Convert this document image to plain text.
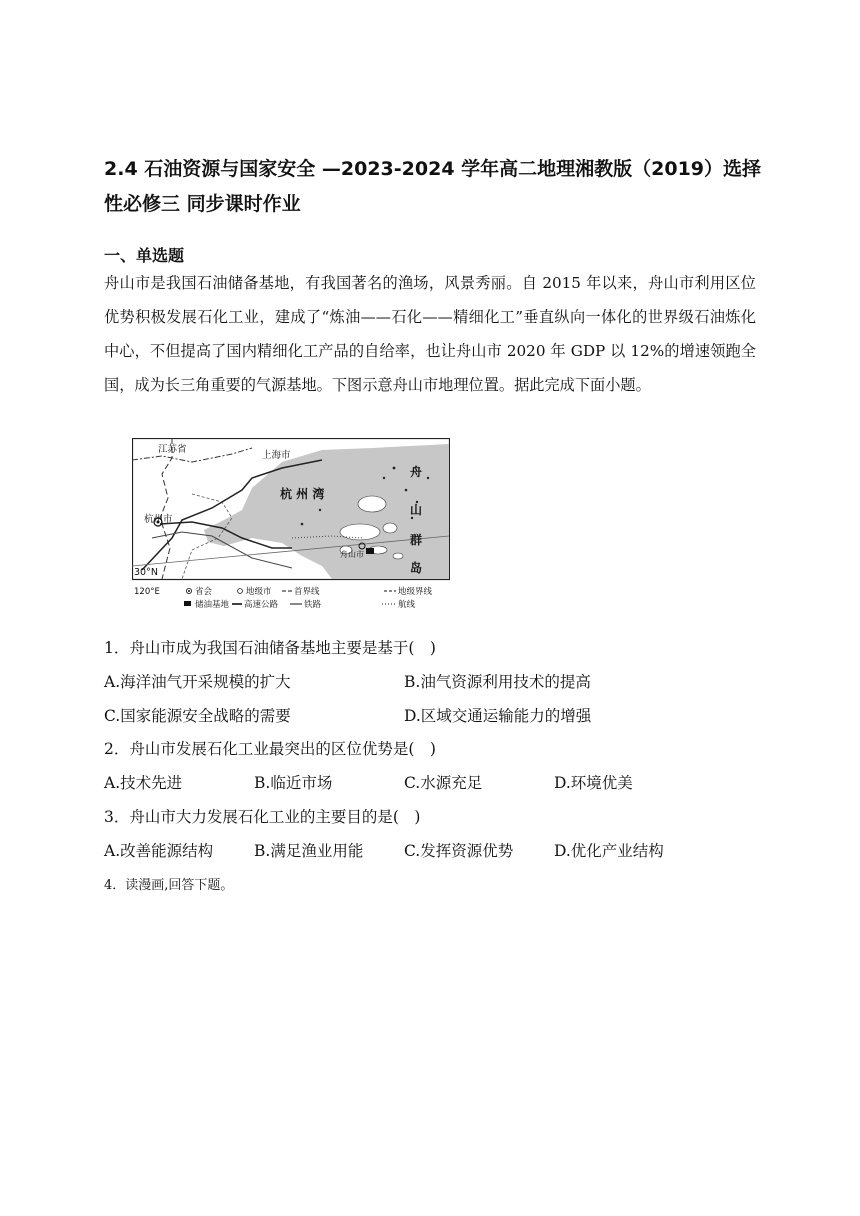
2.4 石油资源与国家安全 —2023-2024 学年高二地理湘教版（2019）选择性必修三 同步课时作业
一、单选题

舟山市是我国石油储备基地，有我国著名的渔场，风景秀丽。自 2015 年以来，舟山市利用区位优势积极发展石化工业，建成了“炼油——石化——精细化工”垂直纵向一体化的世界级石油炼化中心，不但提高了国内精细化工产品的自给率，也让舟山市 2020 年 GDP 以 12%的增速领跑全国，成为长三角重要的气源基地。下图示意舟山市地理位置。据此完成下面小题。

江苏省
上海市
杭州市
舟山市
30°N
杭 州 湾
舟
山
群
岛
120°E	省会	地级市	首界线	地级界线
储油基地 高速公路	铁路	航线

1．舟山市成为我国石油储备基地主要是基于(　)

A.海洋油气开采规模的扩大	B.油气资源利用技术的提高

C.国家能源安全战略的需要	D.区域交通运输能力的增强

2．舟山市发展石化工业最突出的区位优势是(　)

A.技术先进	B.临近市场	C.水源充足	D.环境优美

3．舟山市大力发展石化工业的主要目的是(　)

A.改善能源结构	B.满足渔业用能	C.发挥资源优势	D.优化产业结构

4．读漫画,回答下题。
